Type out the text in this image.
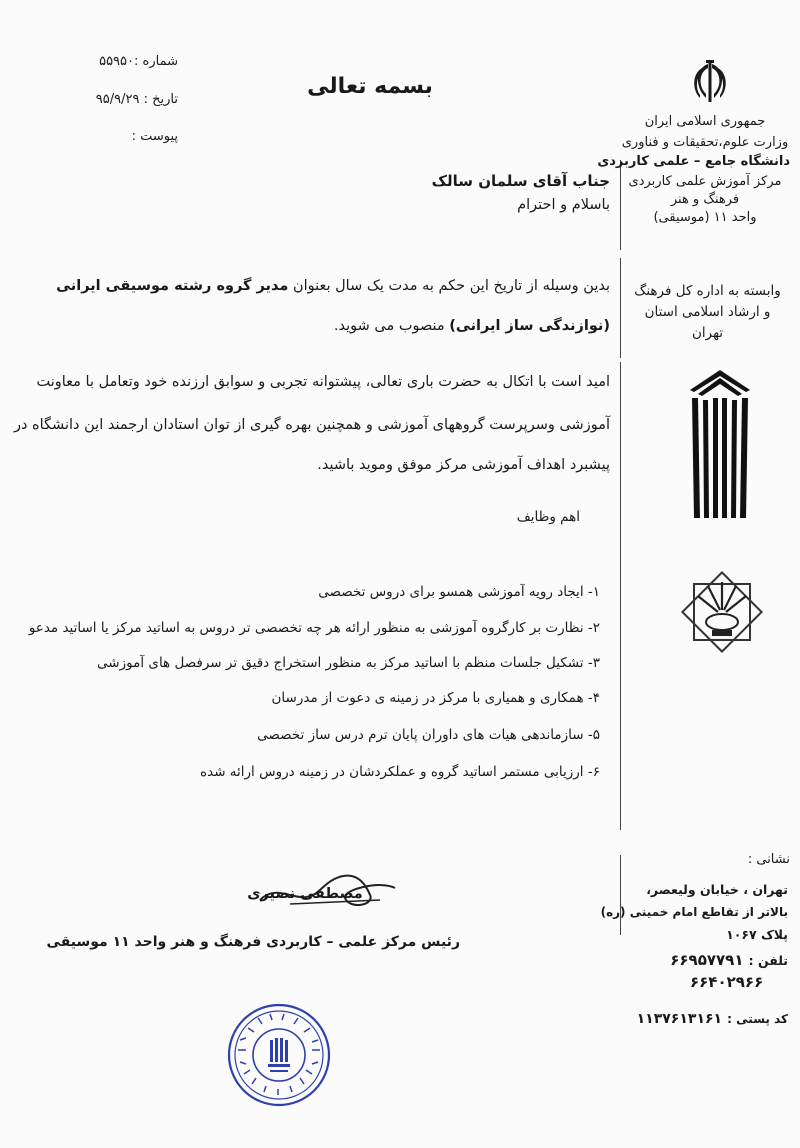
جمهوری اسلامی ایران
وزارت علوم،تحقیقات و فناوری
دانشگاه جامع – علمی کاربردی
مرکز آموزش علمی کاربردی
فرهنگ و هنر
واحد ۱۱ (موسیقی)
وابسته به اداره کل فرهنگ
و ارشاد اسلامی استان
تهران
نشانی :
تهران ، خیابان ولیعصر،
بالاتر از تقاطع امام خمینی (ره)
پلاک ۱۰۶۷
تلفن : ۶۶۹۵۷۷۹۱
۶۶۴۰۲۹۶۶
کد پستی : ۱۱۳۷۶۱۳۱۶۱
بسمه تعالی
شماره :۵۵۹۵۰
تاریخ : ۹۵/۹/۲۹
پیوست :
جناب آقای سلمان سالک
باسلام و احترام
بدین وسیله از تاریخ این حکم به مدت یک سال بعنوان مدیر گروه رشته موسیقی ایرانی
(نوازندگی ساز ایرانی) منصوب می شوید.
امید است با اتکال به حضرت باری تعالی، پیشتوانه تجربی و سوابق ارزنده خود وتعامل با معاونت
آموزشی وسرپرست گروههای آموزشی و همچنین بهره گیری از توان استادان ارجمند این دانشگاه در
پیشبرد اهداف آموزشی مرکز موفق وموید باشید.
اهم وظایف
۱- ایجاد رویه آموزشی همسو برای دروس تخصصی
۲- نظارت بر کارگروه آموزشی به منظور ارائه هر چه تخصصی تر دروس به اساتید مرکز یا اساتید مدعو
۳- تشکیل جلسات منظم با اساتید مرکز به منظور استخراج دقیق تر سرفصل های آموزشی
۴- همکاری و همیاری با مرکز در زمینه ی دعوت از مدرسان
۵- سازماندهی هیات های داوران پایان ترم درس ساز تخصصی
۶- ارزیابی مستمر اساتید گروه و عملکردشان در زمینه دروس ارائه شده
مصطفی نصیری
رئیس مرکز علمی – کاربردی فرهنگ و هنر واحد ۱۱ موسیقی
